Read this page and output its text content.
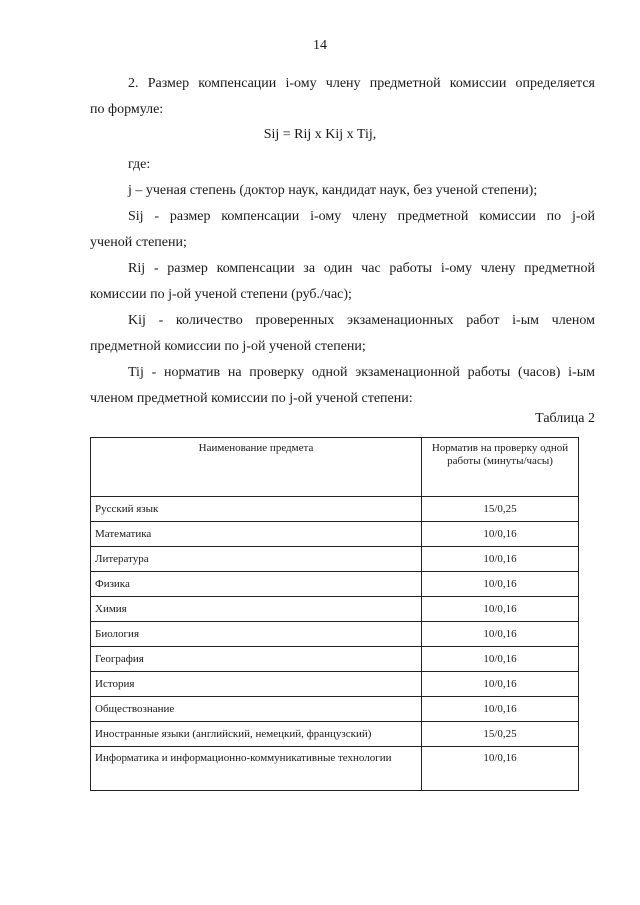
14
2. Размер компенсации i-ому члену предметной комиссии определяется
по формуле:
Sij = Rij x Kij x Tij,
где:
j – ученая степень (доктор наук, кандидат наук, без ученой степени);
Sij - размер компенсации i-ому члену предметной комиссии по j-ой
ученой степени;
Rij - размер компенсации за один час работы i-ому члену предметной
комиссии по j-ой ученой степени (руб./час);
Kij - количество проверенных экзаменационных работ i-ым членом
предметной комиссии по j-ой ученой степени;
Tij - норматив на проверку одной экзаменационной работы (часов) i-ым
членом предметной комиссии по j-ой ученой степени:
Таблица 2
Наименование предмета	Норматив на проверку одной работы (минуты/часы)
Русский язык	15/0,25
Математика	10/0,16
Литература	10/0,16
Физика	10/0,16
Химия	10/0,16
Биология	10/0,16
География	10/0,16
История	10/0,16
Обществознание	10/0,16
Иностранные языки (английский, немецкий, французский)	15/0,25
Информатика и информационно-коммуникативные технологии	10/0,16
